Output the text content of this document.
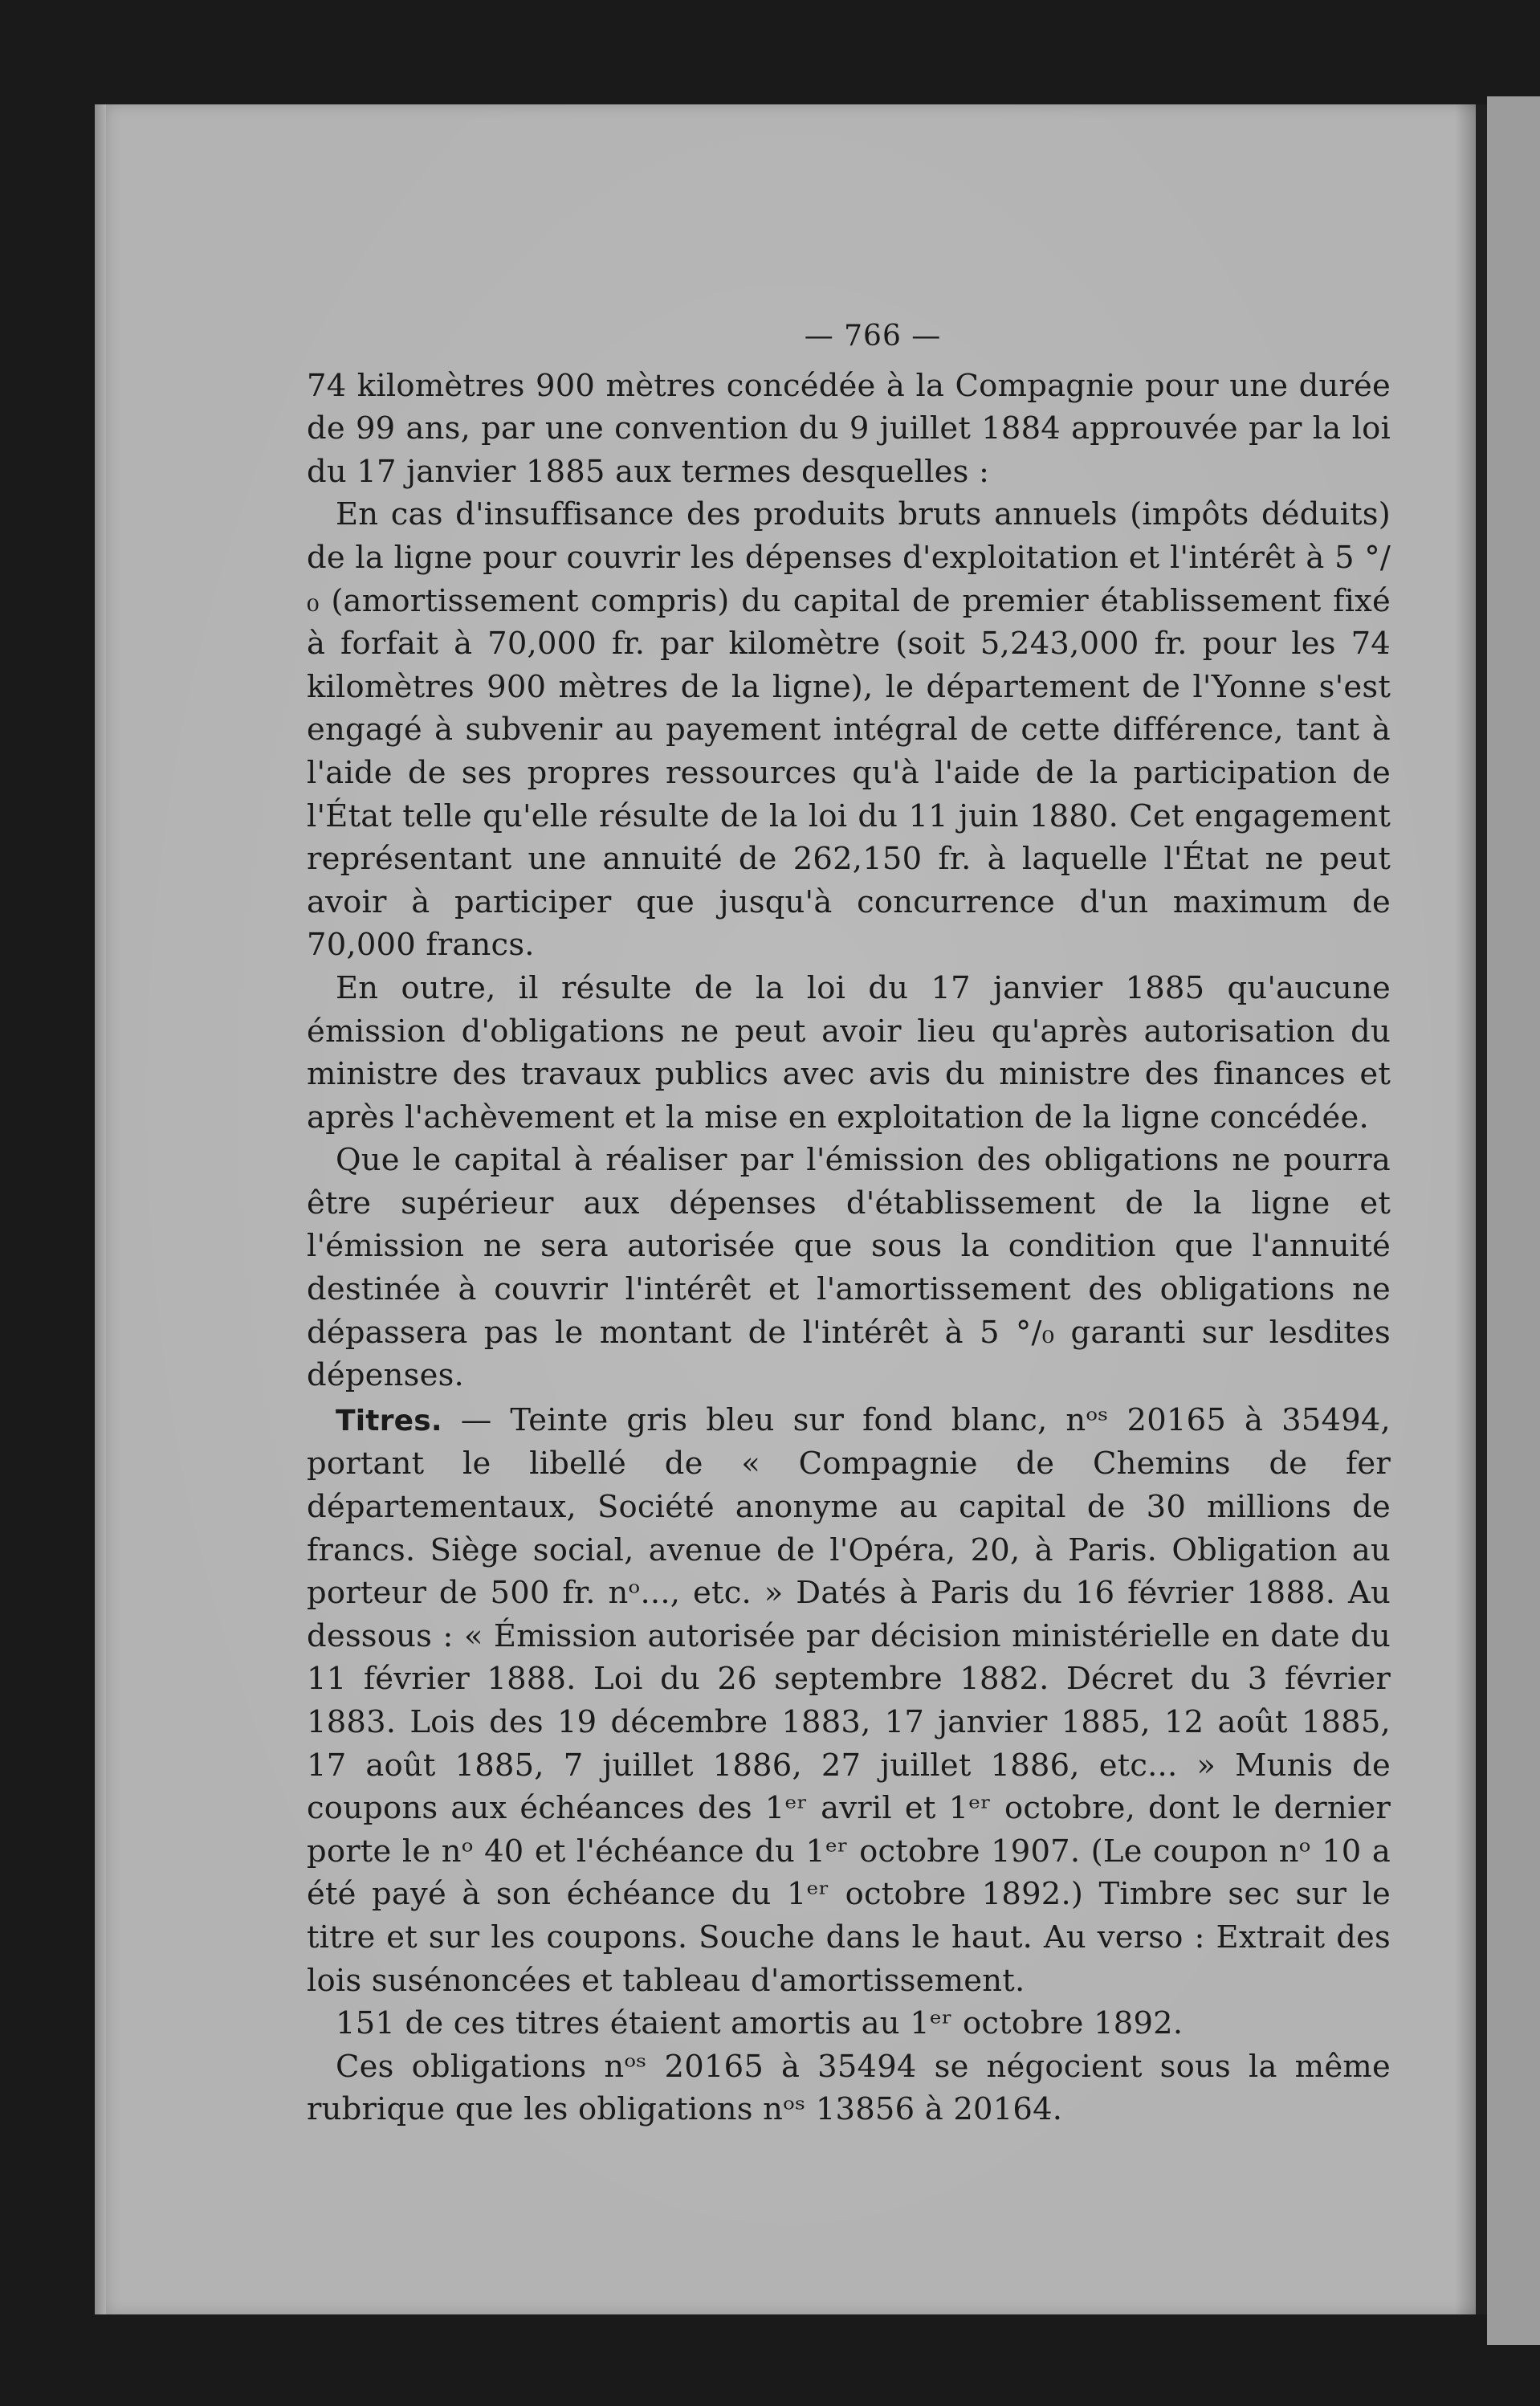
— 766 —

74 kilomètres 900 mètres concédée à la Compagnie pour une durée de 99 ans, par une convention du 9 juillet 1884 approuvée par la loi du 17 janvier 1885 aux termes desquelles :

En cas d'insuffisance des produits bruts annuels (impôts déduits) de la ligne pour couvrir les dépenses d'exploitation et l'intérêt à 5 °/₀ (amortissement compris) du capital de premier établissement fixé à forfait à 70,000 fr. par kilomètre (soit 5,243,000 fr. pour les 74 kilomètres 900 mètres de la ligne), le département de l'Yonne s'est engagé à subvenir au payement intégral de cette différence, tant à l'aide de ses propres ressources qu'à l'aide de la participation de l'État telle qu'elle résulte de la loi du 11 juin 1880. Cet engagement représentant une annuité de 262,150 fr. à laquelle l'État ne peut avoir à participer que jusqu'à concurrence d'un maximum de 70,000 francs.

En outre, il résulte de la loi du 17 janvier 1885 qu'aucune émission d'obligations ne peut avoir lieu qu'après autorisation du ministre des travaux publics avec avis du ministre des finances et après l'achèvement et la mise en exploitation de la ligne concédée.

Que le capital à réaliser par l'émission des obligations ne pourra être supérieur aux dépenses d'établissement de la ligne et l'émission ne sera autorisée que sous la condition que l'annuité destinée à couvrir l'intérêt et l'amortissement des obligations ne dépassera pas le montant de l'intérêt à 5 °/₀ garanti sur lesdites dépenses.

Titres. — Teinte gris bleu sur fond blanc, nᵒˢ 20165 à 35494, portant le libellé de « Compagnie de Chemins de fer départementaux, Société anonyme au capital de 30 millions de francs. Siège social, avenue de l'Opéra, 20, à Paris. Obligation au porteur de 500 fr. nᵒ..., etc. » Datés à Paris du 16 février 1888. Au dessous : « Émission autorisée par décision ministérielle en date du 11 février 1888. Loi du 26 septembre 1882. Décret du 3 février 1883. Lois des 19 décembre 1883, 17 janvier 1885, 12 août 1885, 17 août 1885, 7 juillet 1886, 27 juillet 1886, etc... » Munis de coupons aux échéances des 1ᵉʳ avril et 1ᵉʳ octobre, dont le dernier porte le nᵒ 40 et l'échéance du 1ᵉʳ octobre 1907. (Le coupon nᵒ 10 a été payé à son échéance du 1ᵉʳ octobre 1892.) Timbre sec sur le titre et sur les coupons. Souche dans le haut. Au verso : Extrait des lois susénoncées et tableau d'amortissement.

151 de ces titres étaient amortis au 1ᵉʳ octobre 1892.

Ces obligations nᵒˢ 20165 à 35494 se négocient sous la même rubrique que les obligations nᵒˢ 13856 à 20164.
